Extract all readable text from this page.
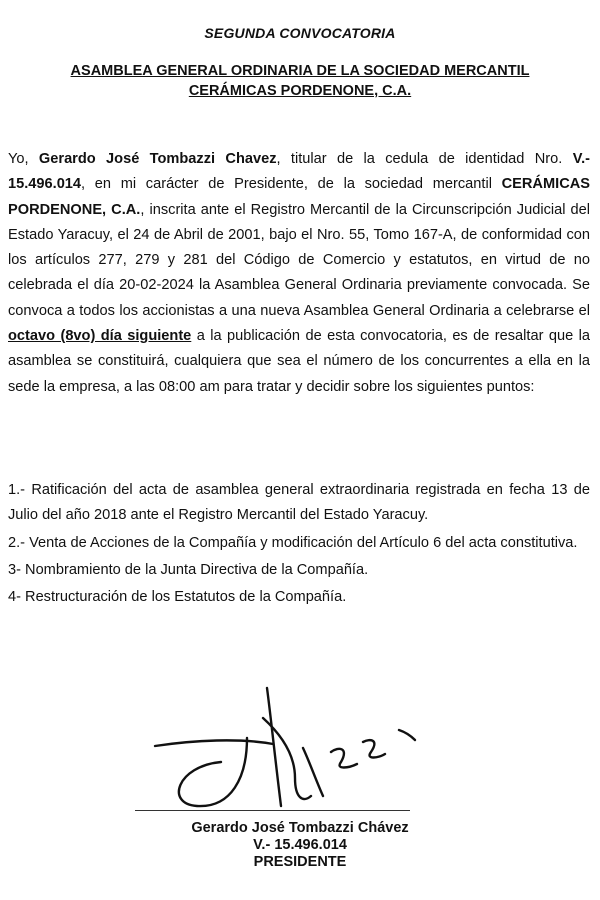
SEGUNDA CONVOCATORIA
ASAMBLEA GENERAL ORDINARIA DE LA SOCIEDAD MERCANTIL
CERÁMICAS PORDENONE, C.A.
Yo, Gerardo José Tombazzi Chavez, titular de la cedula de identidad Nro. V.- 15.496.014, en mi carácter de Presidente, de la sociedad mercantil CERÁMICAS PORDENONE, C.A., inscrita ante el Registro Mercantil de la Circunscripción Judicial del Estado Yaracuy, el 24 de Abril de 2001, bajo el Nro. 55, Tomo 167-A, de conformidad con los artículos 277, 279 y 281 del Código de Comercio y estatutos, en virtud de no celebrada el día 20-02-2024 la Asamblea General Ordinaria previamente convocada. Se convoca a todos los accionistas a una nueva Asamblea General Ordinaria a celebrarse el octavo (8vo) día siguiente a la publicación de esta convocatoria, es de resaltar que la asamblea se constituirá, cualquiera que sea el número de los concurrentes a ella en la sede la empresa, a las 08:00 am para tratar y decidir sobre los siguientes puntos:

1.- Ratificación del acta de asamblea general extraordinaria registrada en fecha 13 de Julio del año 2018 ante el Registro Mercantil del Estado Yaracuy.

2.- Venta de Acciones de la Compañía y modificación del Artículo 6 del acta constitutiva.

3- Nombramiento de la Junta Directiva de la Compañía.

4- Restructuración de los Estatutos de la Compañía.

Gerardo José Tombazzi Chávez
V.- 15.496.014
PRESIDENTE
